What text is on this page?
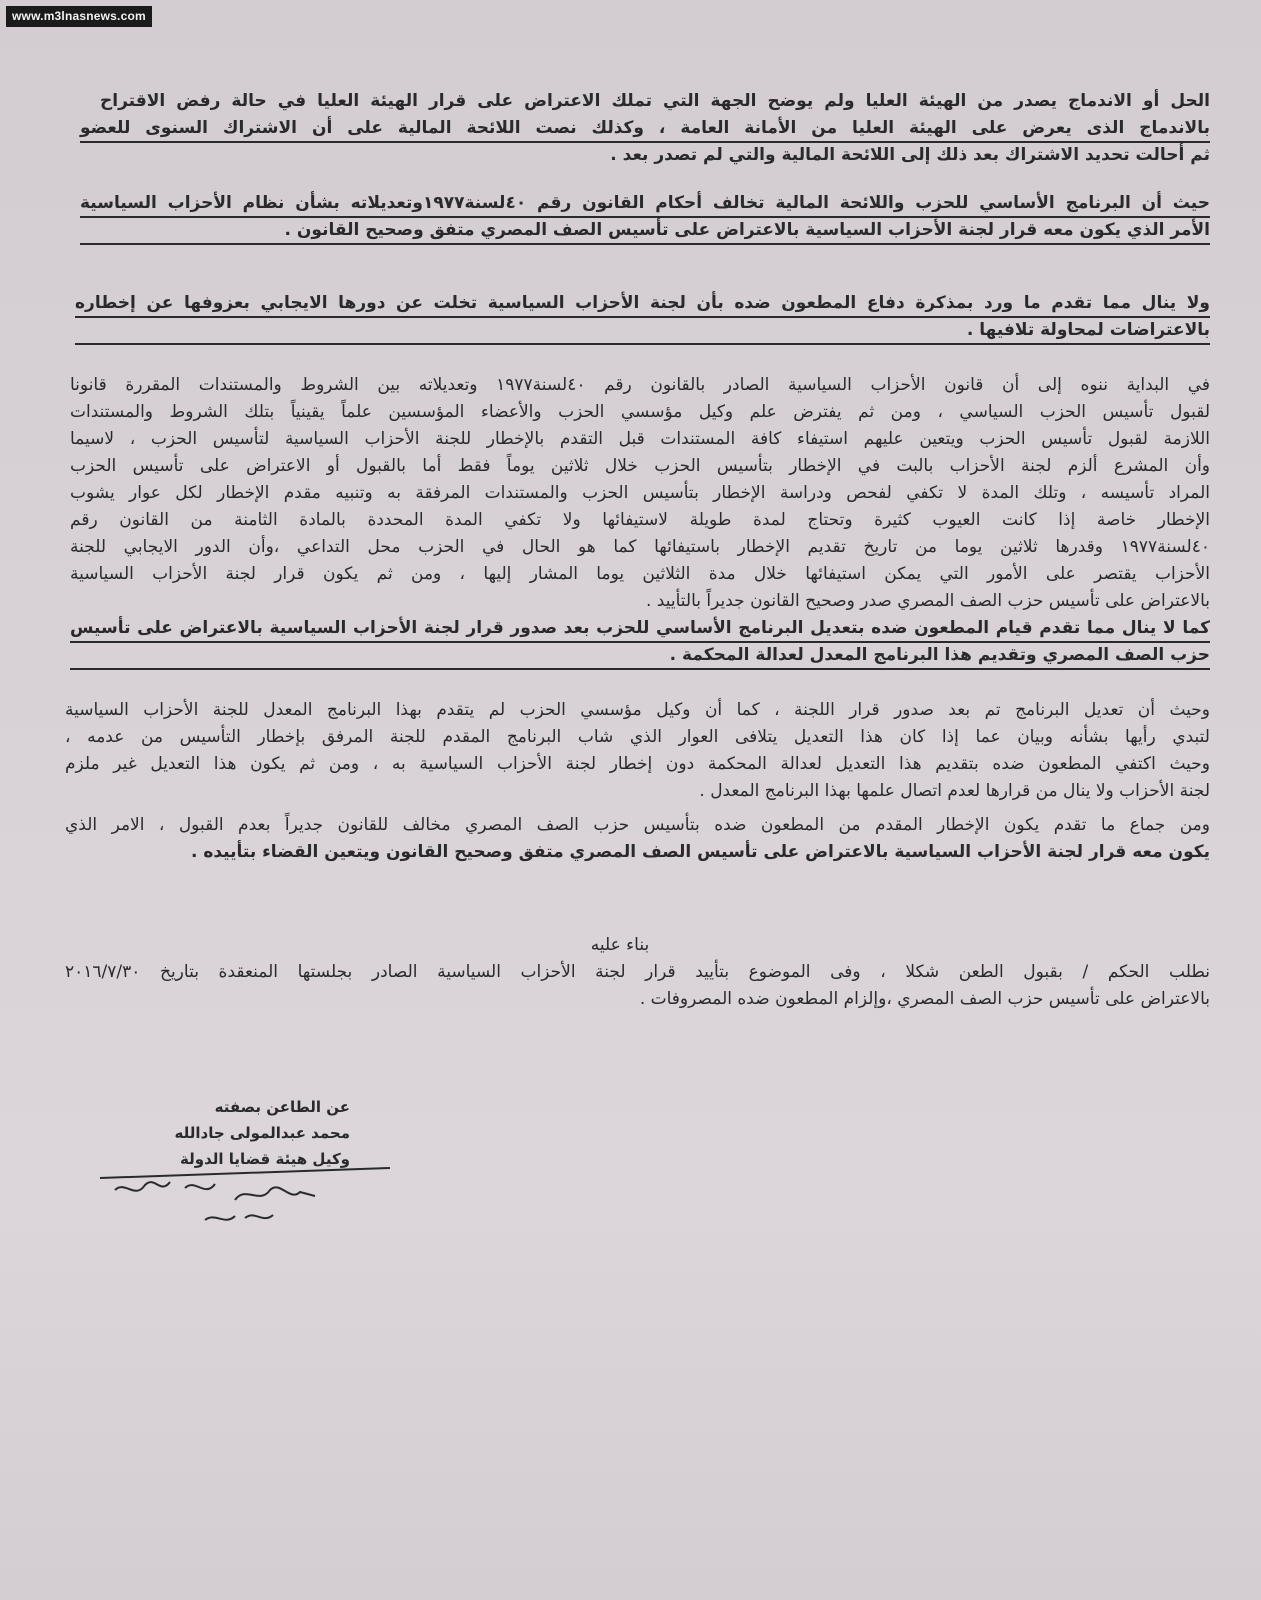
www.m3lnasnews.com
الحل أو الاندماج يصدر من الهيئة العليا ولم يوضح الجهة التي تملك الاعتراض على قرار الهيئة العليا في حالة رفض الاقتراح
بالاندماج الذى يعرض على الهيئة العليا من الأمانة العامة ، وكذلك نصت اللائحة المالية على أن الاشتراك السنوى للعضو
ثم أحالت تحديد الاشتراك بعد ذلك إلى اللائحة المالية والتي لم تصدر بعد .
حيث أن البرنامج الأساسي للحزب واللائحة المالية تخالف أحكام القانون رقم ٤٠لسنة١٩٧٧وتعديلاته بشأن نظام الأحزاب السياسية
الأمر الذي يكون معه قرار لجنة الأحزاب السياسية بالاعتراض على تأسيس الصف المصري متفق وصحيح القانون .
ولا ينال مما تقدم ما ورد بمذكرة دفاع المطعون ضده بأن لجنة الأحزاب السياسية تخلت عن دورها الايجابي بعزوفها عن إخطاره
بالاعتراضات لمحاولة تلافيها .
في البداية ننوه إلى أن قانون الأحزاب السياسية الصادر بالقانون رقم ٤٠لسنة١٩٧٧ وتعديلاته بين الشروط والمستندات المقررة قانونا
لقبول تأسيس الحزب السياسي ، ومن ثم يفترض علم وكيل مؤسسي الحزب والأعضاء المؤسسين علماً يقينياً بتلك الشروط والمستندات
اللازمة لقبول تأسيس الحزب ويتعين عليهم استيفاء كافة المستندات قبل التقدم بالإخطار للجنة الأحزاب السياسية لتأسيس الحزب ، لاسيما
وأن المشرع ألزم لجنة الأحزاب بالبت في الإخطار بتأسيس الحزب خلال ثلاثين يوماً فقط أما بالقبول أو الاعتراض على تأسيس الحزب
المراد تأسيسه ، وتلك المدة لا تكفي لفحص ودراسة الإخطار بتأسيس الحزب والمستندات المرفقة به وتنبيه مقدم الإخطار لكل عوار يشوب
الإخطار خاصة إذا كانت العيوب كثيرة وتحتاج لمدة طويلة لاستيفائها ولا تكفي المدة المحددة بالمادة الثامنة من القانون رقم
٤٠لسنة١٩٧٧ وقدرها ثلاثين يوما من تاريخ تقديم الإخطار باستيفائها كما هو الحال في الحزب محل التداعي ،وأن الدور الايجابي للجنة
الأحزاب يقتصر على الأمور التي يمكن استيفائها خلال مدة الثلاثين يوما المشار إليها ، ومن ثم يكون قرار لجنة الأحزاب السياسية
بالاعتراض على تأسيس حزب الصف المصري صدر وصحيح القانون جديراً بالتأييد .
كما لا ينال مما تقدم قيام المطعون ضده بتعديل البرنامج الأساسي للحزب بعد صدور قرار لجنة الأحزاب السياسية بالاعتراض على تأسيس
حزب الصف المصري وتقديم هذا البرنامج المعدل لعدالة المحكمة .
وحيث أن تعديل البرنامج تم بعد صدور قرار اللجنة ، كما أن وكيل مؤسسي الحزب لم يتقدم بهذا البرنامج المعدل للجنة الأحزاب السياسية
لتبدي رأيها بشأنه وبيان عما إذا كان هذا التعديل يتلافى العوار الذي شاب البرنامج المقدم للجنة المرفق بإخطار التأسيس من عدمه ،
وحيث اكتفي المطعون ضده بتقديم هذا التعديل لعدالة المحكمة دون إخطار لجنة الأحزاب السياسية به ، ومن ثم يكون هذا التعديل غير ملزم
لجنة الأحزاب ولا ينال من قرارها لعدم اتصال علمها بهذا البرنامج المعدل .
ومن جماع ما تقدم يكون الإخطار المقدم من المطعون ضده بتأسيس حزب الصف المصري مخالف للقانون جديراً بعدم القبول ، الامر الذي
يكون معه قرار لجنة الأحزاب السياسية بالاعتراض على تأسيس الصف المصري متفق وصحيح القانون ويتعين القضاء بتأييده .
بناء عليه
نطلب الحكم / بقبول الطعن شكلا ، وفى الموضوع بتأييد قرار لجنة الأحزاب السياسية الصادر بجلستها المنعقدة بتاريخ ٢٠١٦/٧/٣٠
بالاعتراض على تأسيس حزب الصف المصري ،وإلزام المطعون ضده المصروفات .
عن الطاعن بصفته
محمد عبدالمولى جادالله
وكيل هيئة قضايا الدولة
